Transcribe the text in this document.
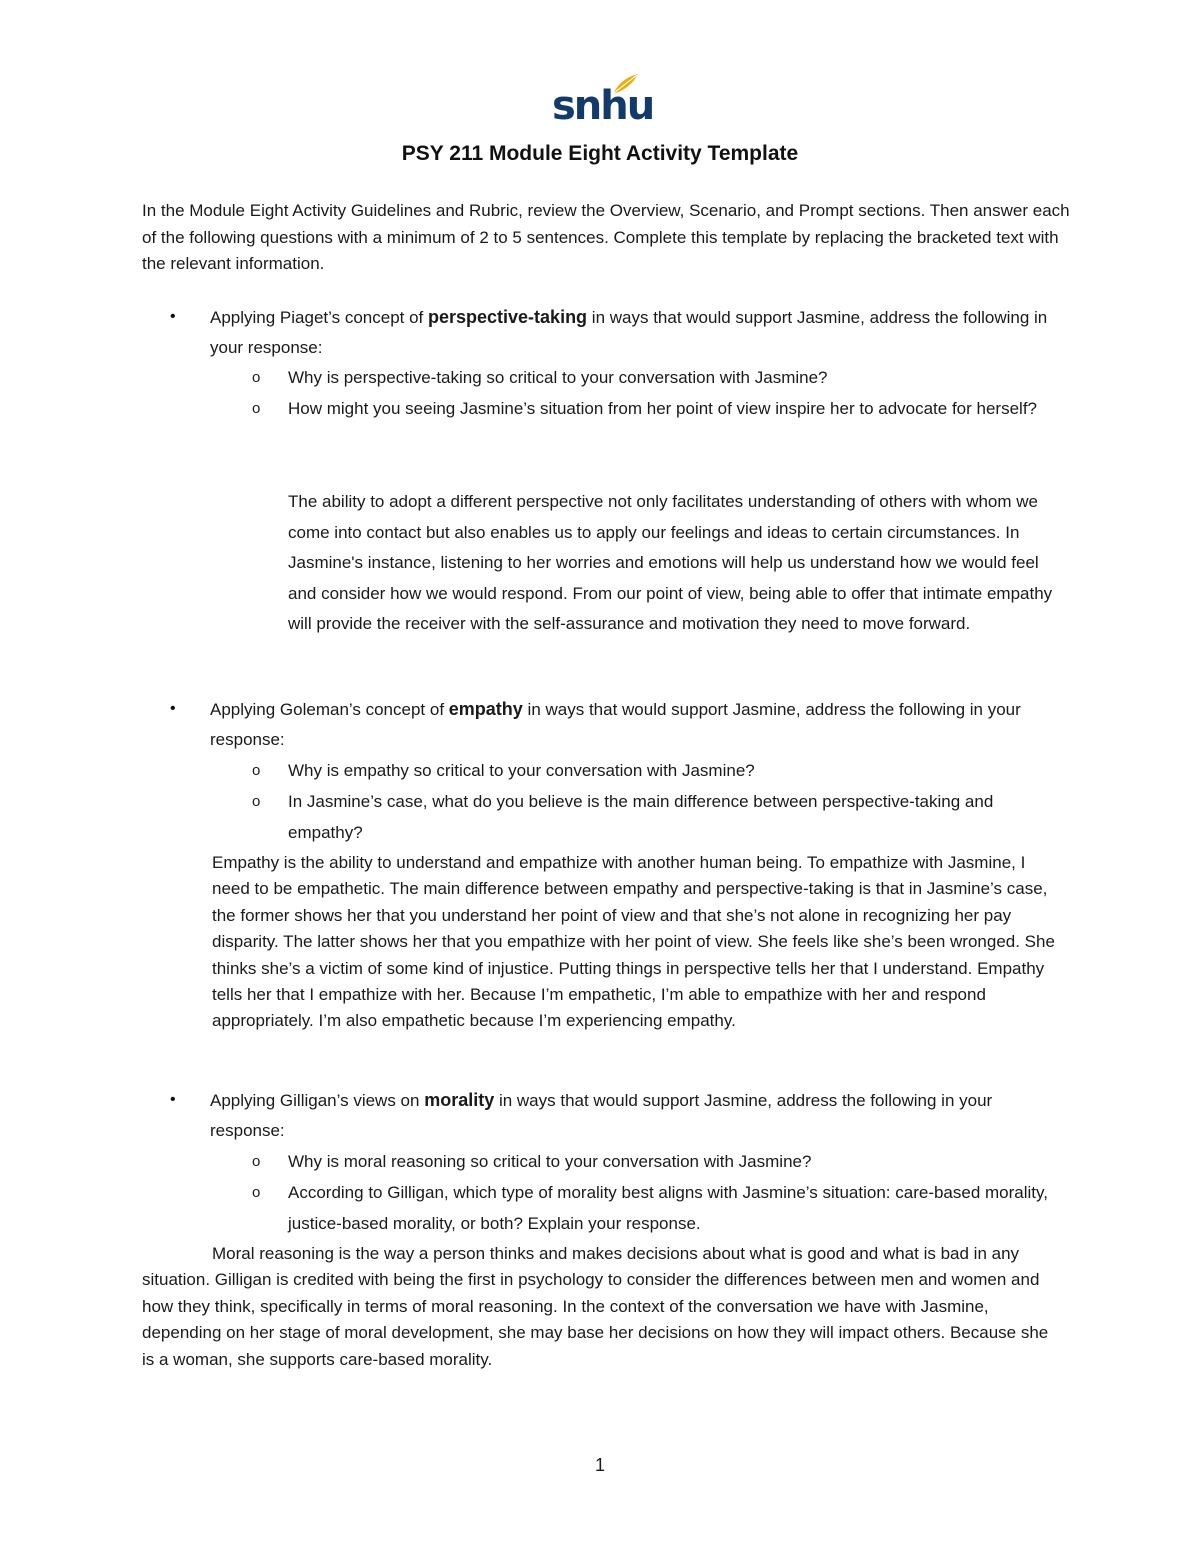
snhu
PSY 211 Module Eight Activity Template
In the Module Eight Activity Guidelines and Rubric, review the Overview, Scenario, and Prompt sections. Then answer each of the following questions with a minimum of 2 to 5 sentences. Complete this template by replacing the bracketed text with the relevant information.
• Applying Piaget’s concept of perspective-taking in ways that would support Jasmine, address the following in your response:
o Why is perspective-taking so critical to your conversation with Jasmine?
o How might you seeing Jasmine’s situation from her point of view inspire her to advocate for herself?
The ability to adopt a different perspective not only facilitates understanding of others with whom we come into contact but also enables us to apply our feelings and ideas to certain circumstances. In Jasmine's instance, listening to her worries and emotions will help us understand how we would feel and consider how we would respond. From our point of view, being able to offer that intimate empathy will provide the receiver with the self-assurance and motivation they need to move forward.
• Applying Goleman’s concept of empathy in ways that would support Jasmine, address the following in your response:
o Why is empathy so critical to your conversation with Jasmine?
o In Jasmine’s case, what do you believe is the main difference between perspective-taking and empathy?
Empathy is the ability to understand and empathize with another human being. To empathize with Jasmine, I need to be empathetic. The main difference between empathy and perspective-taking is that in Jasmine’s case, the former shows her that you understand her point of view and that she’s not alone in recognizing her pay disparity. The latter shows her that you empathize with her point of view. She feels like she’s been wronged. She thinks she’s a victim of some kind of injustice. Putting things in perspective tells her that I understand. Empathy tells her that I empathize with her. Because I’m empathetic, I’m able to empathize with her and respond appropriately. I’m also empathetic because I’m experiencing empathy.
• Applying Gilligan’s views on morality in ways that would support Jasmine, address the following in your response:
o Why is moral reasoning so critical to your conversation with Jasmine?
o According to Gilligan, which type of morality best aligns with Jasmine’s situation: care-based morality, justice-based morality, or both? Explain your response.
Moral reasoning is the way a person thinks and makes decisions about what is good and what is bad in any situation. Gilligan is credited with being the first in psychology to consider the differences between men and women and how they think, specifically in terms of moral reasoning. In the context of the conversation we have with Jasmine, depending on her stage of moral development, she may base her decisions on how they will impact others. Because she is a woman, she supports care-based morality.
1
